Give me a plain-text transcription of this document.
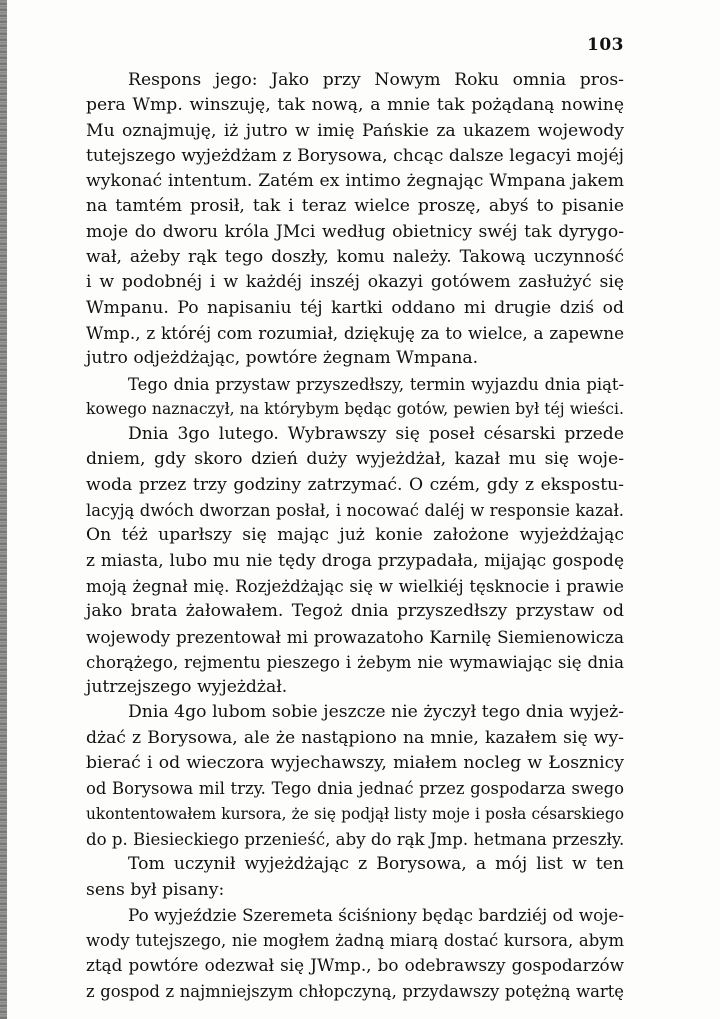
103
Respons jego: Jako przy Nowym Roku omnia pros-
pera Wmp. winszuję, tak nową, a mnie tak pożądaną nowinę
Mu oznajmuję, iż jutro w imię Pańskie za ukazem wojewody
tutejszego wyjeżdżam z Borysowa, chcąc dalsze legacyi mojéj
wykonać intentum. Zatém ex intimo żegnając Wmpana jakem
na tamtém prosił, tak i teraz wielce proszę, abyś to pisanie
moje do dworu króla JMci według obietnicy swéj tak dyrygo-
wał, ażeby rąk tego doszły, komu należy. Takową uczynność
i w podobnéj i w każdéj inszéj okazyi gotówem zasłużyć się
Wmpanu. Po napisaniu téj kartki oddano mi drugie dziś od
Wmp., z któréj com rozumiał, dziękuję za to wielce, a zapewne
jutro odjeżdżając, powtóre żegnam Wmpana.
Tego dnia przystaw przyszedłszy, termin wyjazdu dnia piąt-
kowego naznaczył, na którybym będąc gotów, pewien był téj wieści.
Dnia 3go lutego. Wybrawszy się poseł césarski przede
dniem, gdy skoro dzień duży wyjeżdżał, kazał mu się woje-
woda przez trzy godziny zatrzymać. O czém, gdy z ekspostu-
lacyją dwóch dworzan posłał, i nocować daléj w responsie kazał.
On téż uparłszy się mając już konie założone wyjeżdżając
z miasta, lubo mu nie tędy droga przypadała, mijając gospodę
moją żegnał mię. Rozjeżdżając się w wielkiéj tęsknocie i prawie
jako brata żałowałem. Tegoż dnia przyszedłszy przystaw od
wojewody prezentował mi prowazatoho Karnilę Siemienowicza
chorążego, rejmentu pieszego i żebym nie wymawiając się dnia
jutrzejszego wyjeżdżał.
Dnia 4go lubom sobie jeszcze nie życzył tego dnia wyjeż-
dżać z Borysowa, ale że nastąpiono na mnie, kazałem się wy-
bierać i od wieczora wyjechawszy, miałem nocleg w Łosznicy
od Borysowa mil trzy. Tego dnia jednać przez gospodarza swego
ukontentowałem kursora, że się podjął listy moje i posła césarskiego
do p. Biesieckiego przenieść, aby do rąk Jmp. hetmana przeszły.
Tom uczynił wyjeżdżając z Borysowa, a mój list w ten
sens był pisany:
Po wyjeździe Szeremeta ściśniony będąc bardziéj od woje-
wody tutejszego, nie mogłem żadną miarą dostać kursora, abym
ztąd powtóre odezwał się JWmp., bo odebrawszy gospodarzów
z gospod z najmniejszym chłopczyną, przydawszy potężną wartę
